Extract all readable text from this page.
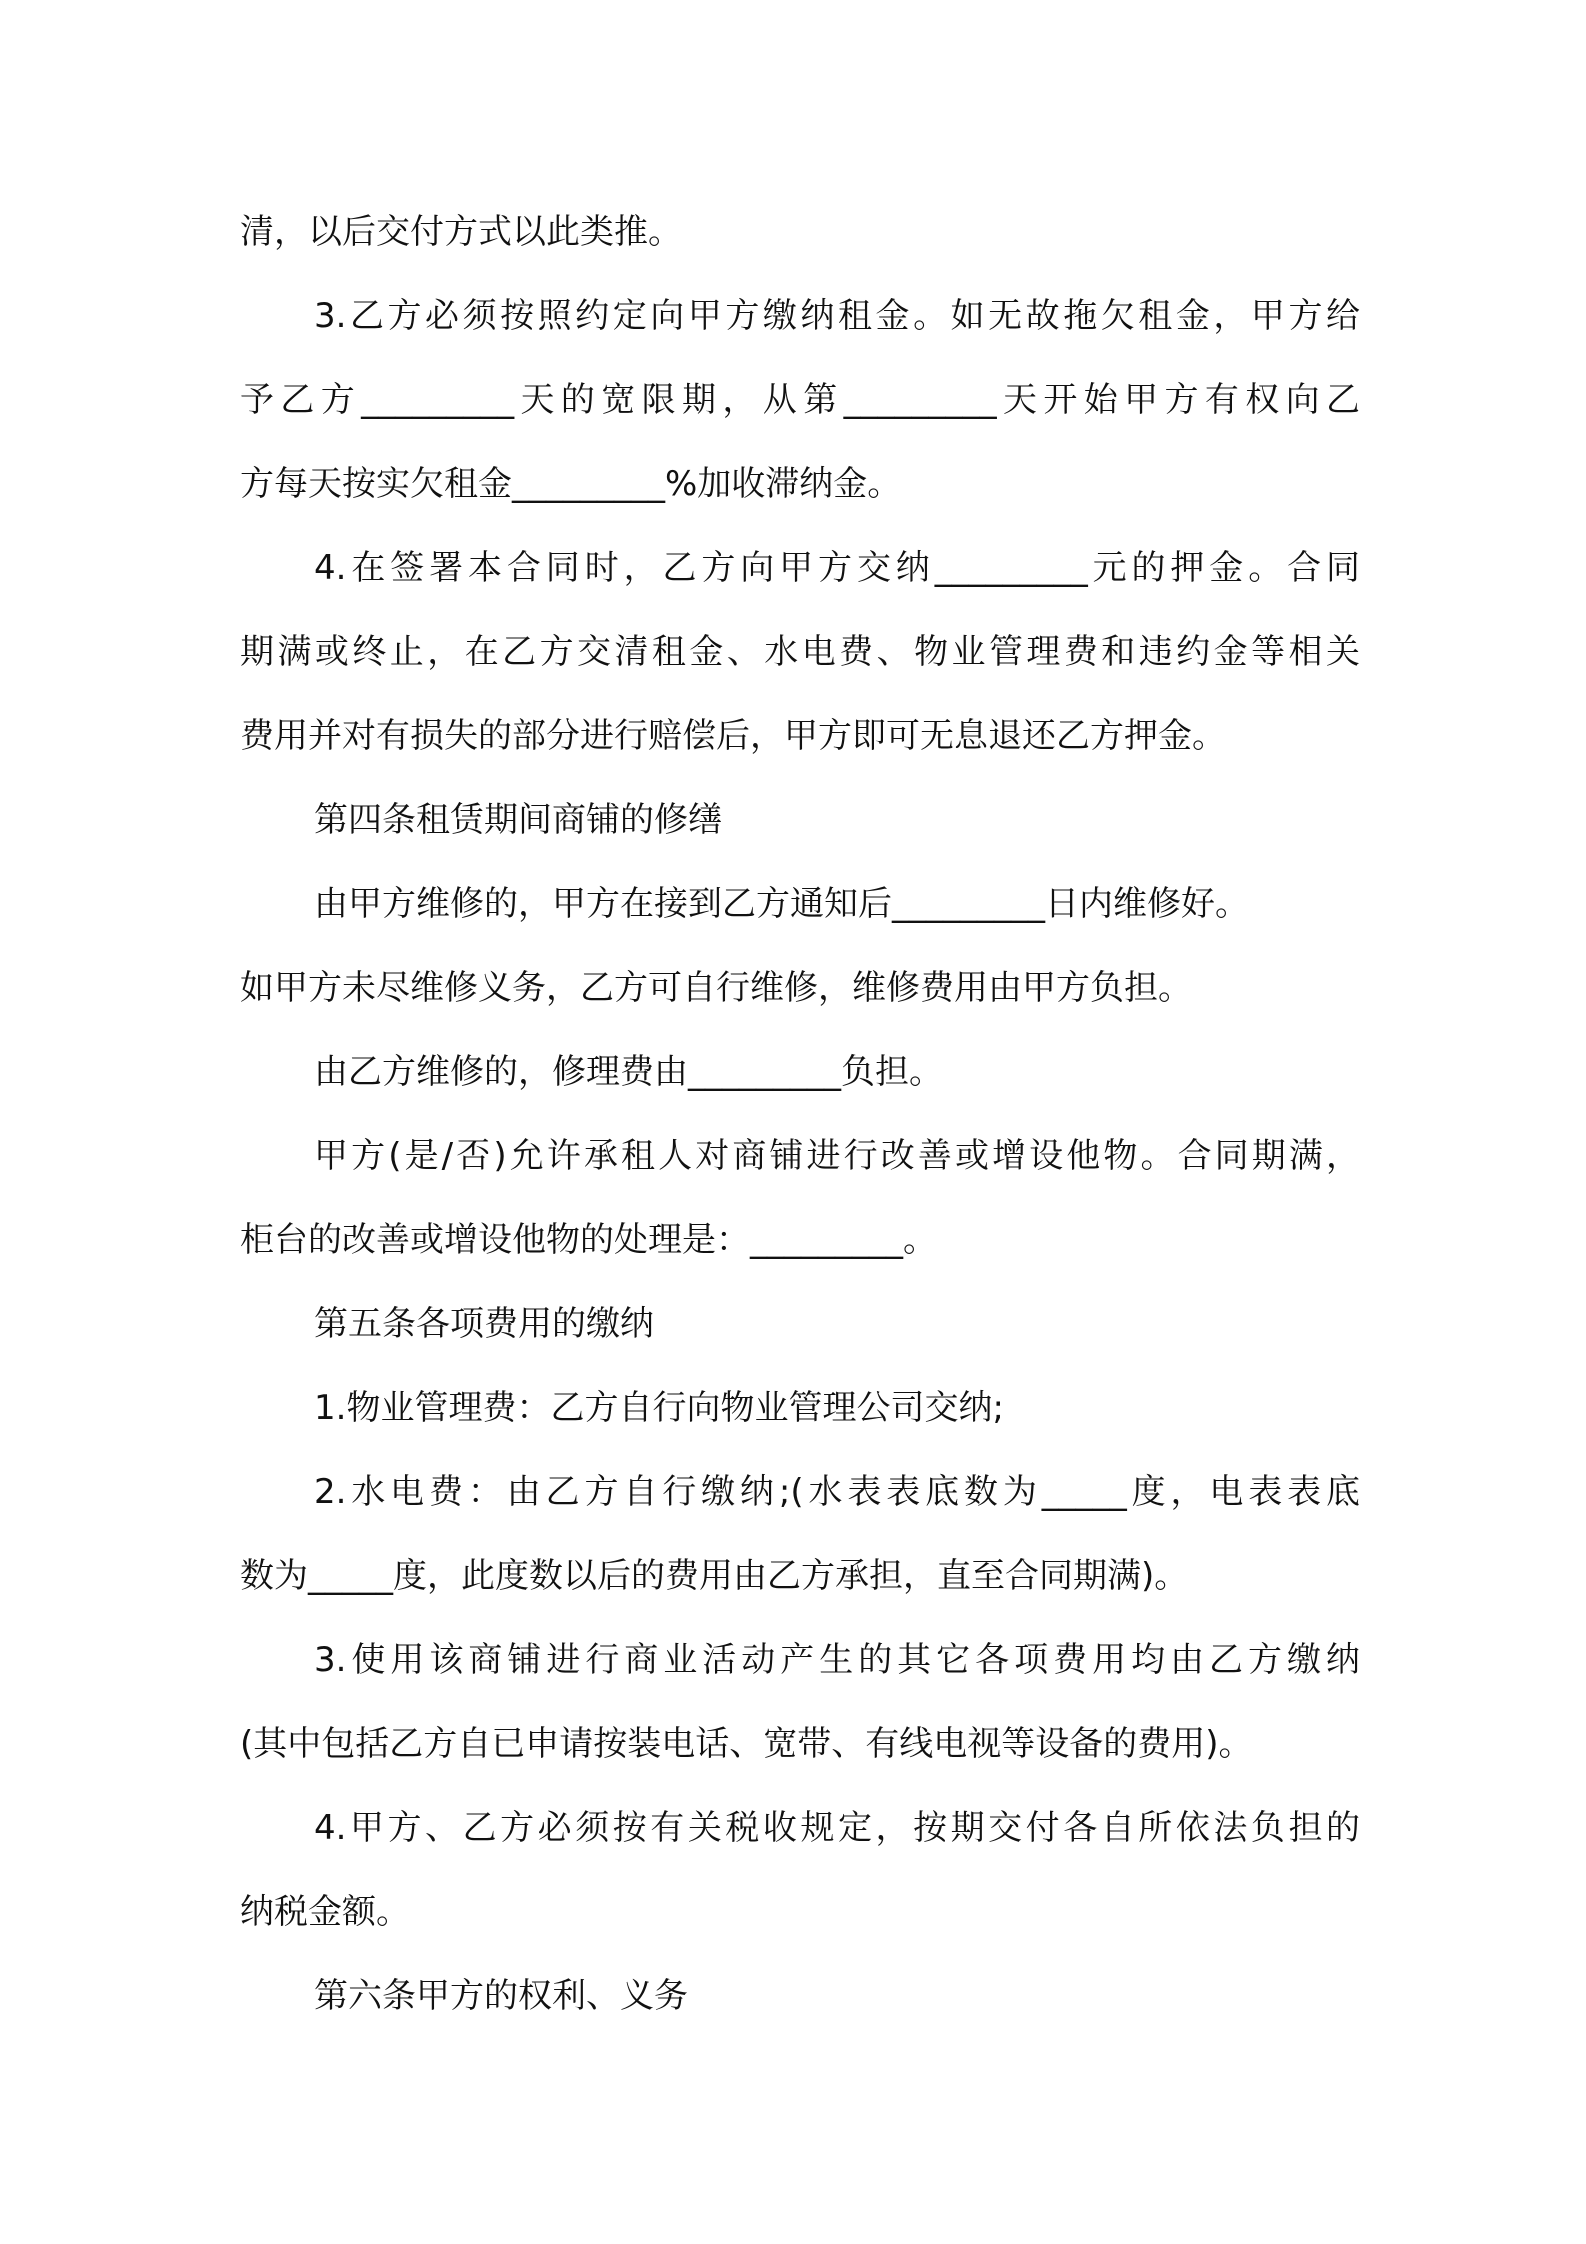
清，以后交付方式以此类推。
3.乙方必须按照约定向甲方缴纳租金。如无故拖欠租金，甲方给
予乙方_________天的宽限期，从第_________天开始甲方有权向乙
方每天按实欠租金_________%加收滞纳金。
4.在签署本合同时，乙方向甲方交纳_________元的押金。合同
期满或终止，在乙方交清租金、水电费、物业管理费和违约金等相关
费用并对有损失的部分进行赔偿后，甲方即可无息退还乙方押金。
第四条租赁期间商铺的修缮
由甲方维修的，甲方在接到乙方通知后_________日内维修好。
如甲方未尽维修义务，乙方可自行维修，维修费用由甲方负担。
由乙方维修的，修理费由_________负担。
甲方(是/否)允许承租人对商铺进行改善或增设他物。合同期满，
柜台的改善或增设他物的处理是：_________。
第五条各项费用的缴纳
1.物业管理费：乙方自行向物业管理公司交纳;
2.水电费：由乙方自行缴纳;(水表表底数为_____度，电表表底
数为_____度，此度数以后的费用由乙方承担，直至合同期满)。
3.使用该商铺进行商业活动产生的其它各项费用均由乙方缴纳
(其中包括乙方自已申请按装电话、宽带、有线电视等设备的费用)。
4.甲方、乙方必须按有关税收规定，按期交付各自所依法负担的
纳税金额。
第六条甲方的权利、义务
